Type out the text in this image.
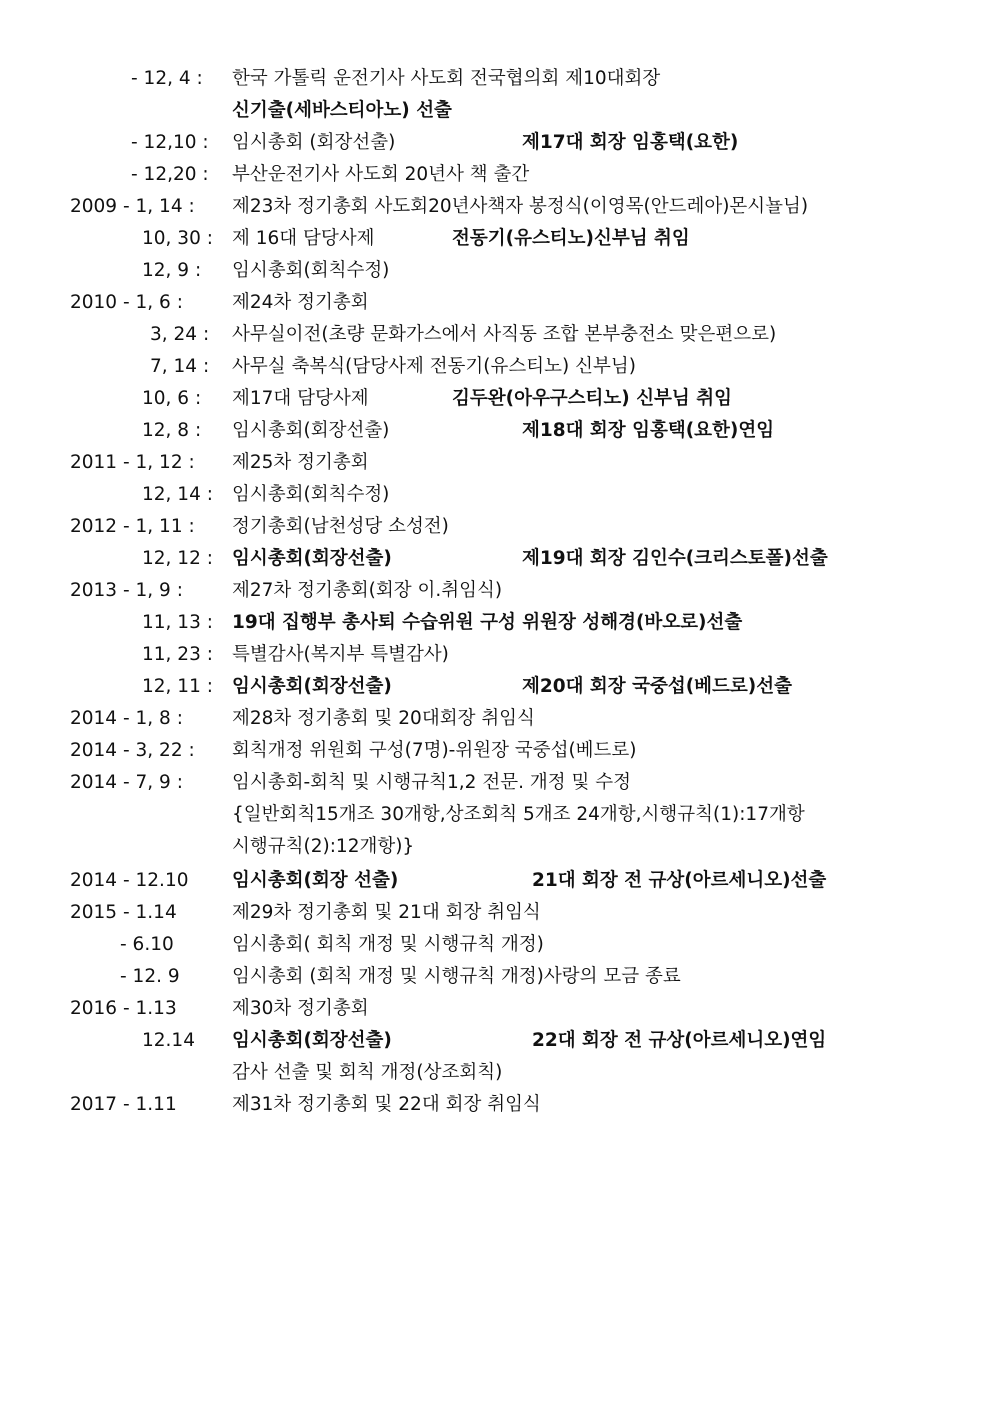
- 12, 4 : 한국 가톨릭 운전기사 사도회 전국협의회 제10대회장
신기출(세바스티아노) 선출
- 12,10 : 임시총회 (회장선출)	제17대 회장 임홍택(요한)
- 12,20 : 부산운전기사 사도회 20년사 책 출간
2009 - 1, 14 : 제23차 정기총회 사도회20년사책자 봉정식(이영목(안드레아)몬시뇰님)
10, 30 : 제 16대 담당사제	전동기(유스티노)신부님 취임
12, 9 : 임시총회(회칙수정)
2010 - 1, 6 :	제24차 정기총회
3, 24 : 사무실이전(초량 문화가스에서 사직동 조합 본부충전소 맞은편으로)
7, 14 : 사무실 축복식(담당사제 전동기(유스티노) 신부님)
10, 6 : 제17대 담당사제	김두완(아우구스티노) 신부님 취임
12, 8 : 임시총회(회장선출)	제18대 회장 임홍택(요한)연임
2011 - 1, 12 : 제25차 정기총회
12, 14 : 임시총회(회칙수정)
2012 - 1, 11 : 정기총회(남천성당 소성전)
12, 12 : 임시총회(회장선출)	제19대 회장 김인수(크리스토폴)선출
2013 - 1, 9 :	제27차 정기총회(회장 이.취임식)
11, 13 : 19대 집행부 총사퇴 수습위원 구성 위원장 성해경(바오로)선출
11, 23 : 특별감사(복지부 특별감사)
12, 11 : 임시총회(회장선출)	제20대 회장 국중섭(베드로)선출
2014 - 1, 8 :	제28차 정기총회 및 20대회장 취임식
2014 - 3, 22 : 회칙개정 위원회 구성(7명)-위원장 국중섭(베드로)
2014 - 7, 9 :	임시총회-회칙 및 시행규칙1,2 전문. 개정 및 수정
{일반회칙15개조 30개항,상조회칙 5개조 24개항,시행규칙(1):17개항
시행규칙(2):12개항)}
2014 - 12.10 임시총회(회장 선출)	21대 회장 전 규상(아르세니오)선출
2015 - 1.14	제29차 정기총회 및 21대 회장 취임식
- 6.10	임시총회( 회칙 개정 및 시행규칙 개정)
- 12. 9	임시총회 (회칙 개정 및 시행규칙 개정)사랑의 모금 종료
2016 - 1.13	제30차 정기총회
12.14 임시총회(회장선출)	22대 회장 전 규상(아르세니오)연임
감사 선출 및 회칙 개정(상조회칙)
2017 - 1.11	제31차 정기총회 및 22대 회장 취임식
